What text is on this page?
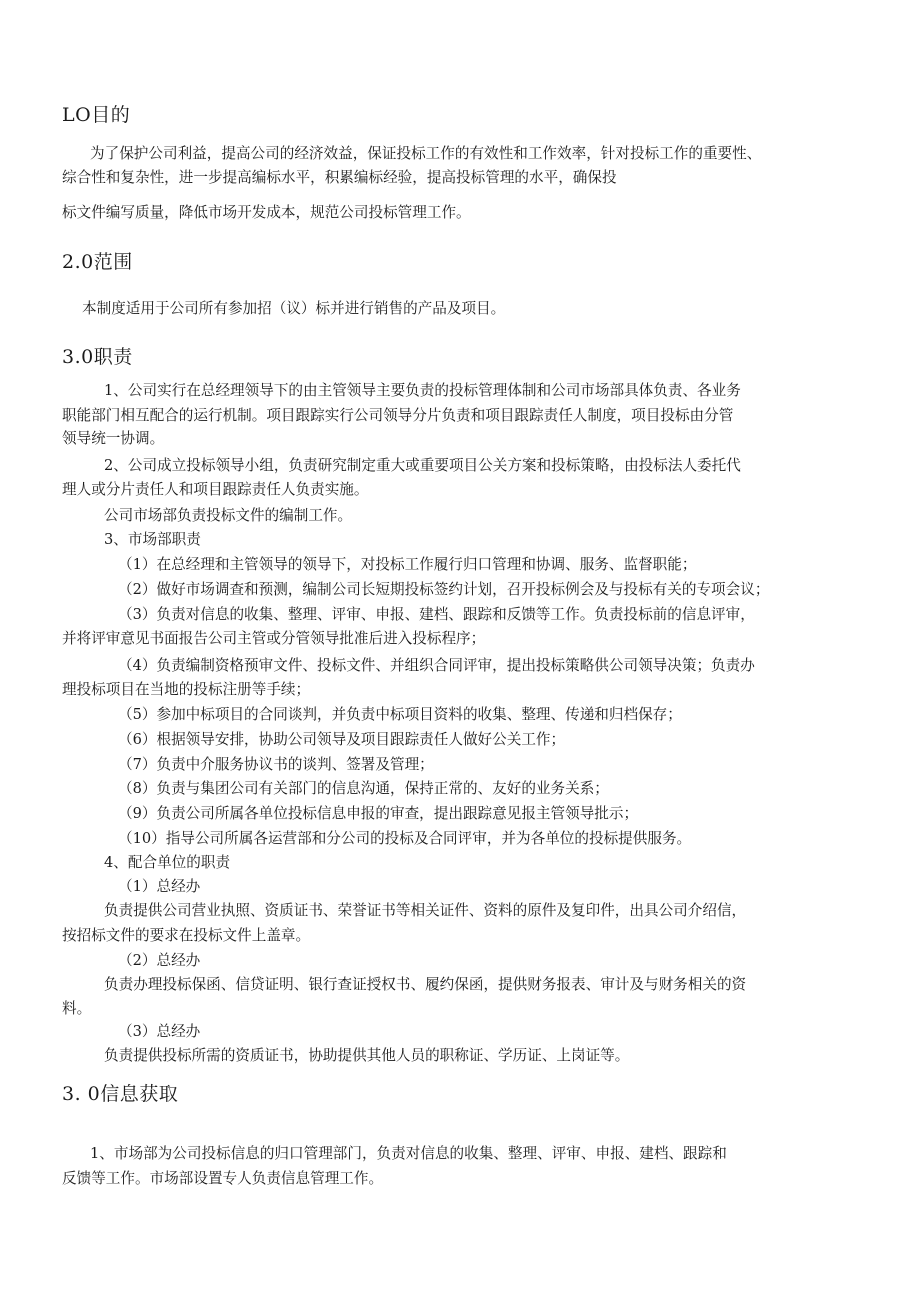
LO目的
为了保护公司利益，提高公司的经济效益，保证投标工作的有效性和工作效率，针对投标工作的重要性、
综合性和复杂性，进一步提高编标水平，积累编标经验，提高投标管理的水平，确保投
标文件编写质量，降低市场开发成本，规范公司投标管理工作。
2.0范围
本制度适用于公司所有参加招（议）标并进行销售的产品及项目。
3.0职责
1、公司实行在总经理领导下的由主管领导主要负责的投标管理体制和公司市场部具体负责、各业务
职能部门相互配合的运行机制。项目跟踪实行公司领导分片负责和项目跟踪责任人制度，项目投标由分管
领导统一协调。
2、公司成立投标领导小组，负责研究制定重大或重要项目公关方案和投标策略，由投标法人委托代
理人或分片责任人和项目跟踪责任人负责实施。
公司市场部负责投标文件的编制工作。
3、市场部职责
（1）在总经理和主管领导的领导下，对投标工作履行归口管理和协调、服务、监督职能；
（2）做好市场调查和预测，编制公司长短期投标签约计划，召开投标例会及与投标有关的专项会议；
（3）负责对信息的收集、整理、评审、申报、建档、跟踪和反馈等工作。负责投标前的信息评审，
并将评审意见书面报告公司主管或分管领导批准后进入投标程序；
（4）负责编制资格预审文件、投标文件、并组织合同评审，提出投标策略供公司领导决策；负责办
理投标项目在当地的投标注册等手续；
（5）参加中标项目的合同谈判，并负责中标项目资料的收集、整理、传递和归档保存；
（6）根据领导安排，协助公司领导及项目跟踪责任人做好公关工作；
（7）负责中介服务协议书的谈判、签署及管理；
（8）负责与集团公司有关部门的信息沟通，保持正常的、友好的业务关系；
（9）负责公司所属各单位投标信息申报的审查，提出跟踪意见报主管领导批示；
（10）指导公司所属各运营部和分公司的投标及合同评审，并为各单位的投标提供服务。
4、配合单位的职责
（1）总经办
负责提供公司营业执照、资质证书、荣誉证书等相关证件、资料的原件及复印件，出具公司介绍信，
按招标文件的要求在投标文件上盖章。
（2）总经办
负责办理投标保函、信贷证明、银行查证授权书、履约保函，提供财务报表、审计及与财务相关的资
料。
（3）总经办
负责提供投标所需的资质证书，协助提供其他人员的职称证、学历证、上岗证等。
3. 0信息获取
1、市场部为公司投标信息的归口管理部门，负责对信息的收集、整理、评审、申报、建档、跟踪和
反馈等工作。市场部设置专人负责信息管理工作。
